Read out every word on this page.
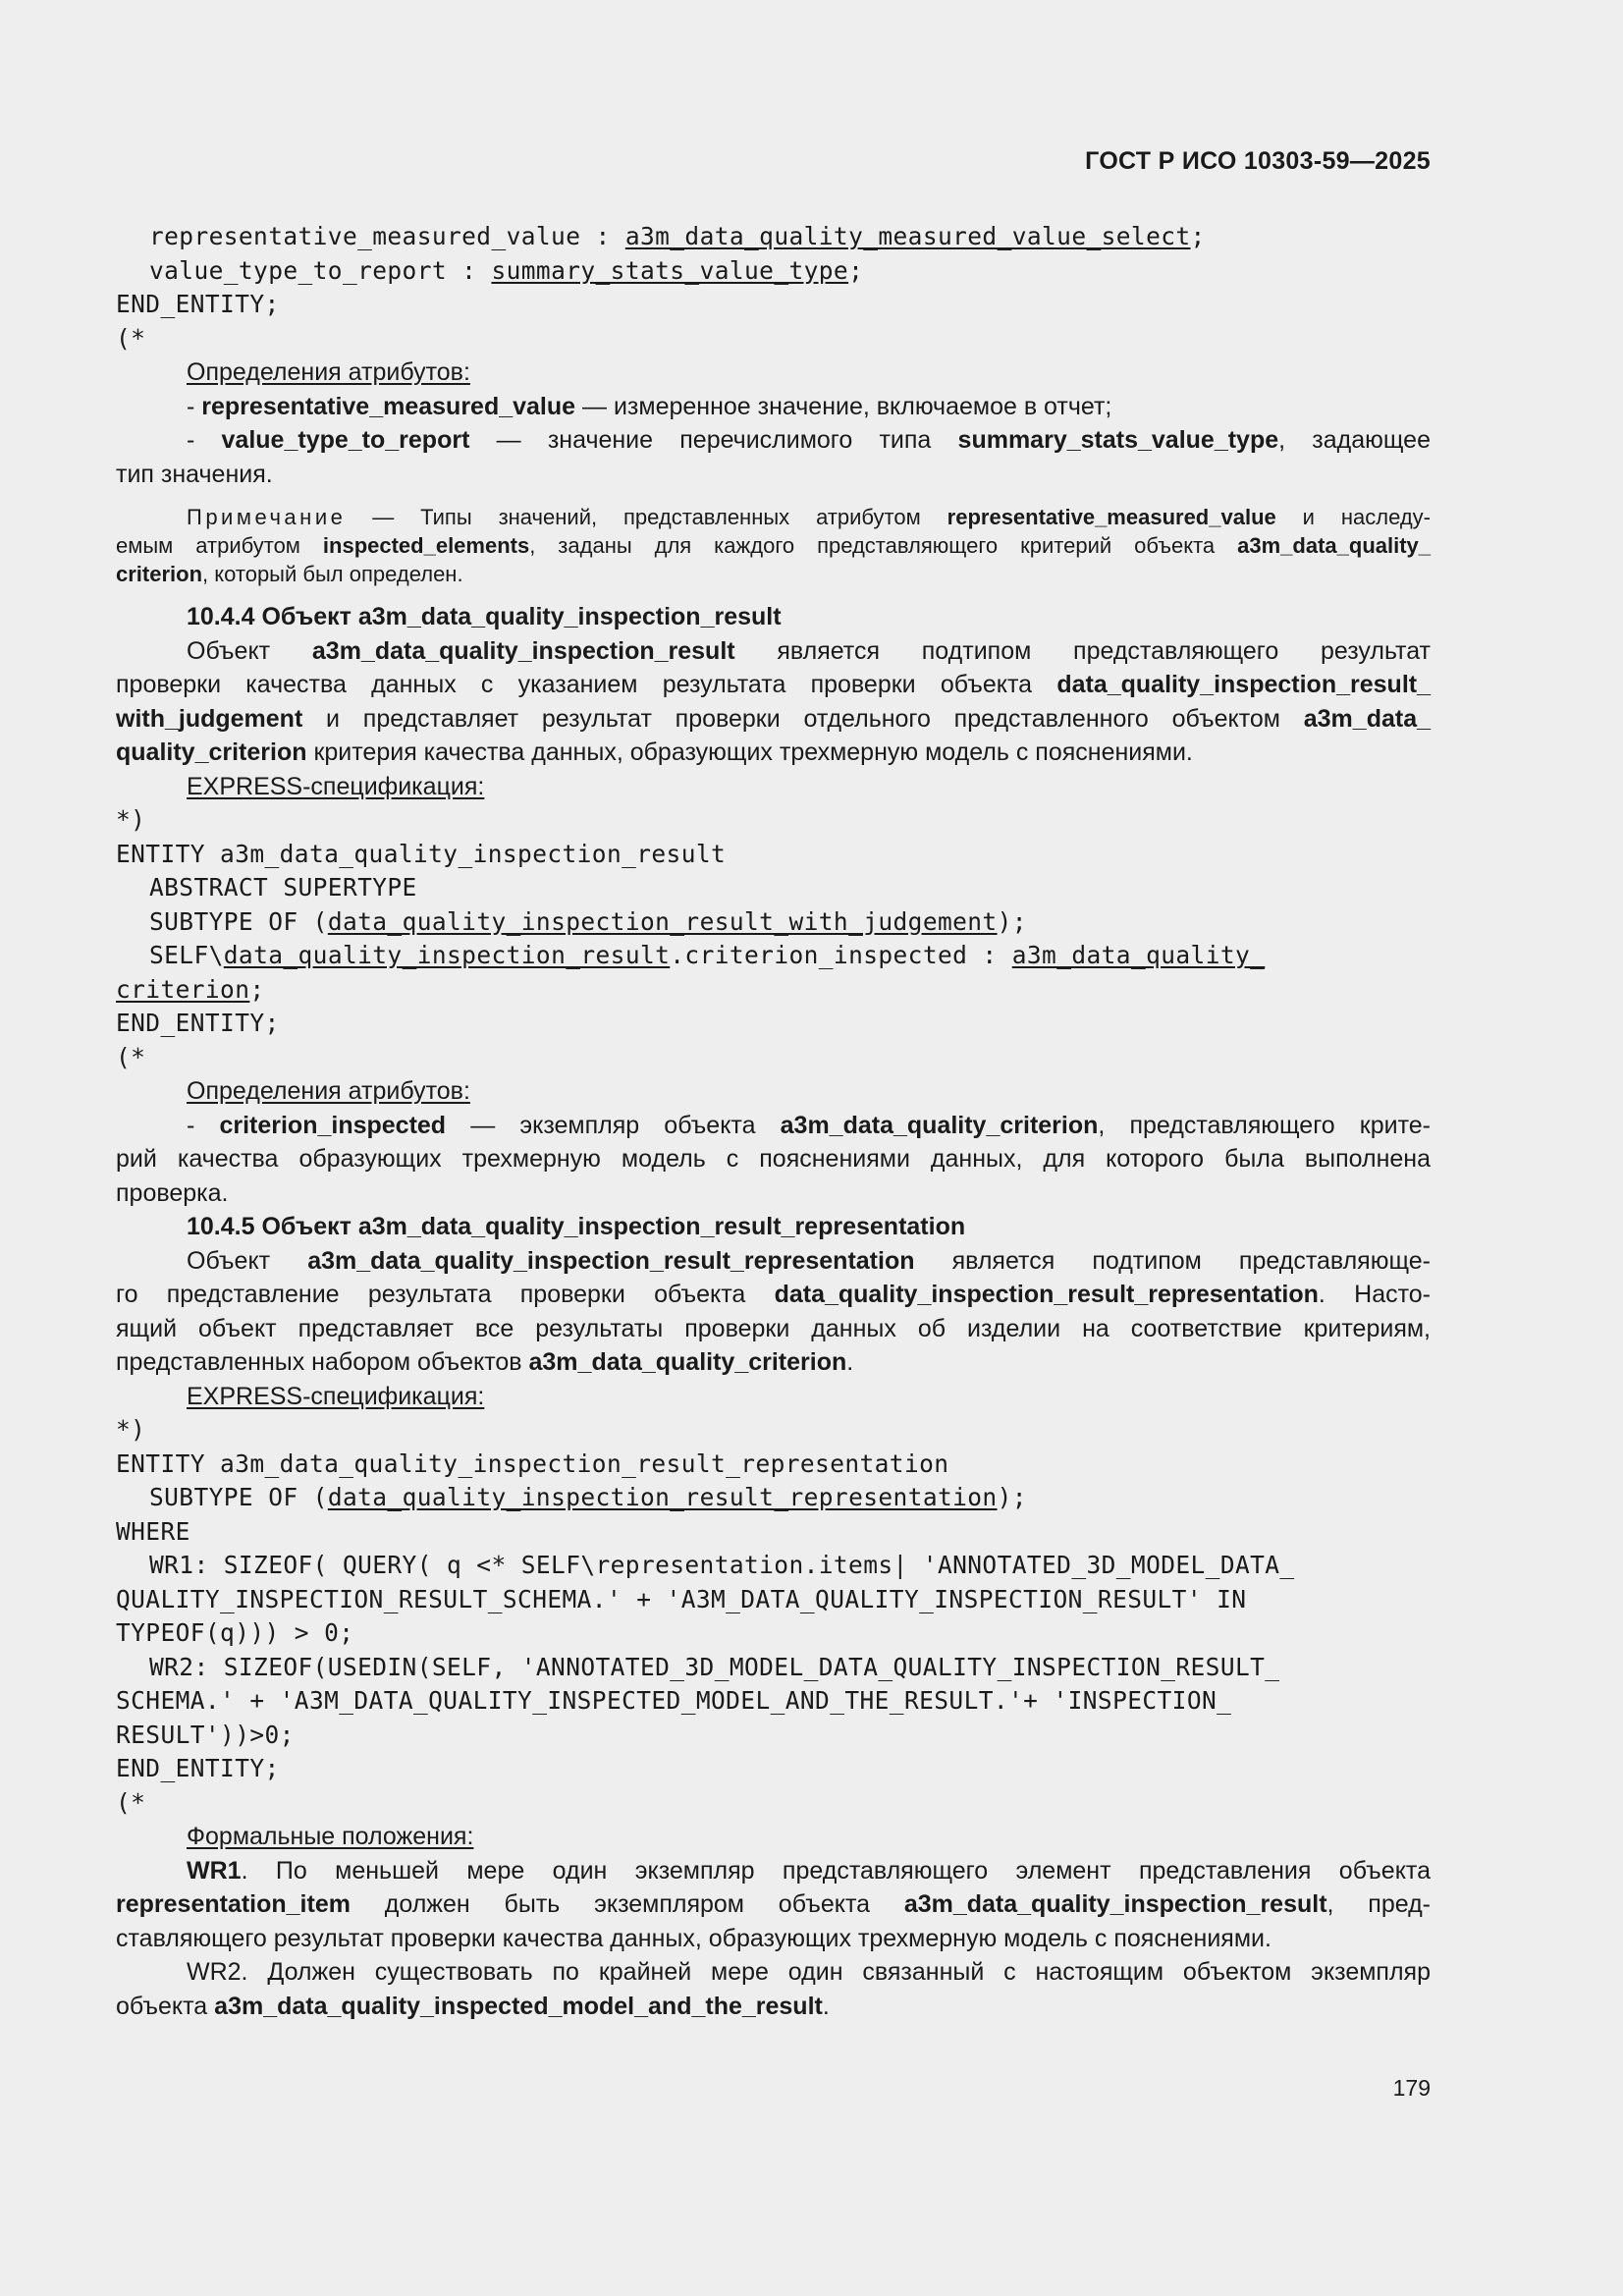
ГОСТ Р ИСО 10303-59—2025
representative_measured_value : a3m_data_quality_measured_value_select;
value_type_to_report : summary_stats_value_type;
END_ENTITY;
(*
Определения атрибутов:
- representative_measured_value — измеренное значение, включаемое в отчет;
- value_type_to_report — значение перечислимого типа summary_stats_value_type, задающее
тип значения.
Примечание — Типы значений, представленных атрибутом representative_measured_value и наследу-
емым атрибутом inspected_elements, заданы для каждого представляющего критерий объекта a3m_data_quality_
criterion, который был определен.
10.4.4 Объект a3m_data_quality_inspection_result
Объект a3m_data_quality_inspection_result является подтипом представляющего результат
проверки качества данных с указанием результата проверки объекта data_quality_inspection_result_
with_judgement и представляет результат проверки отдельного представленного объектом a3m_data_
quality_criterion критерия качества данных, образующих трехмерную модель с пояснениями.
EXPRESS-спецификация:
*)
ENTITY a3m_data_quality_inspection_result
ABSTRACT SUPERTYPE
SUBTYPE OF (data_quality_inspection_result_with_judgement);
SELF\data_quality_inspection_result.criterion_inspected : a3m_data_quality_
criterion;
END_ENTITY;
(*
Определения атрибутов:
- criterion_inspected — экземпляр объекта a3m_data_quality_criterion, представляющего крите-
рий качества образующих трехмерную модель с пояснениями данных, для которого была выполнена
проверка.
10.4.5 Объект a3m_data_quality_inspection_result_representation
Объект a3m_data_quality_inspection_result_representation является подтипом представляюще-
го представление результата проверки объекта data_quality_inspection_result_representation. Насто-
ящий объект представляет все результаты проверки данных об изделии на соответствие критериям,
представленных набором объектов a3m_data_quality_criterion.
EXPRESS-спецификация:
*)
ENTITY a3m_data_quality_inspection_result_representation
SUBTYPE OF (data_quality_inspection_result_representation);
WHERE
WR1: SIZEOF( QUERY( q <* SELF\representation.items| 'ANNOTATED_3D_MODEL_DATA_
QUALITY_INSPECTION_RESULT_SCHEMA.' + 'A3M_DATA_QUALITY_INSPECTION_RESULT' IN
TYPEOF(q))) > 0;
WR2: SIZEOF(USEDIN(SELF, 'ANNOTATED_3D_MODEL_DATA_QUALITY_INSPECTION_RESULT_
SCHEMA.' + 'A3M_DATA_QUALITY_INSPECTED_MODEL_AND_THE_RESULT.'+ 'INSPECTION_
RESULT'))>0;
END_ENTITY;
(*
Формальные положения:
WR1. По меньшей мере один экземпляр представляющего элемент представления объекта
representation_item должен быть экземпляром объекта a3m_data_quality_inspection_result, пред-
ставляющего результат проверки качества данных, образующих трехмерную модель с пояснениями.
WR2. Должен существовать по крайней мере один связанный с настоящим объектом экземпляр
объекта a3m_data_quality_inspected_model_and_the_result.
179
